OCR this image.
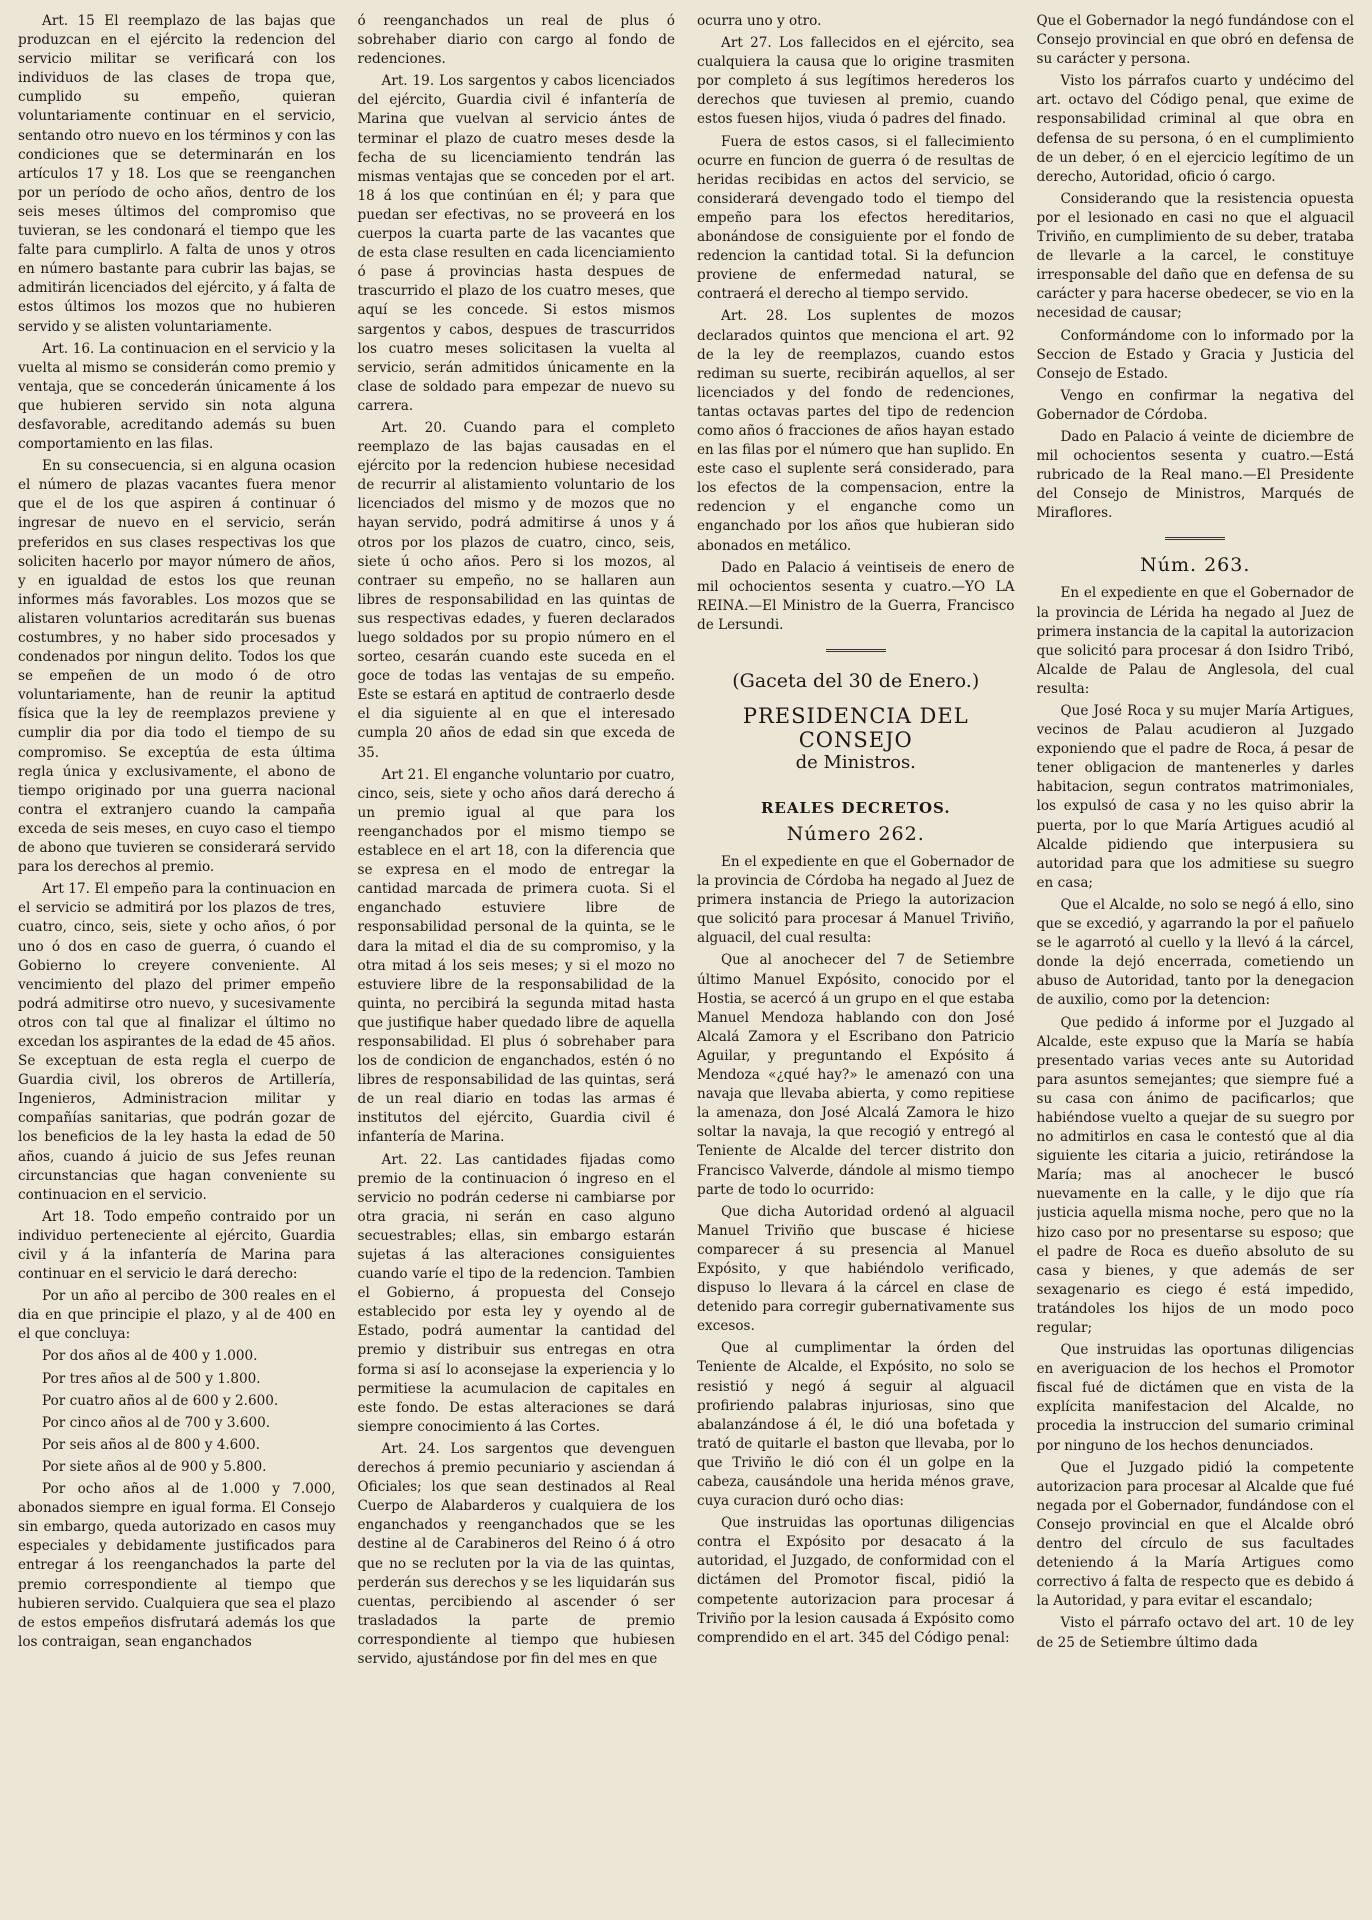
Art. 15 El reemplazo de las bajas que produzcan en el ejército la redencion del servicio militar se verificará con los individuos de las clases de tropa que, cumplido su empeño, quieran voluntariamente continuar en el servicio, sentando otro nuevo en los términos y con las condiciones que se determinarán en los artículos 17 y 18. Los que se reenganchen por un período de ocho años, dentro de los seis meses últimos del compromiso que tuvieran, se les condonará el tiempo que les falte para cumplirlo. A falta de unos y otros en número bastante para cubrir las bajas, se admitirán licenciados del ejército, y á falta de estos últimos los mozos que no hubieren servido y se alisten voluntariamente.

Art. 16. La continuacion en el servicio y la vuelta al mismo se considerán como premio y ventaja, que se concederán únicamente á los que hubieren servido sin nota alguna desfavorable, acreditando además su buen comportamiento en las filas.

En su consecuencia, si en alguna ocasion el número de plazas vacantes fuera menor que el de los que aspiren á continuar ó ingresar de nuevo en el servicio, serán preferidos en sus clases respectivas los que soliciten hacerlo por mayor número de años, y en igualdad de estos los que reunan informes más favorables. Los mozos que se alistaren voluntarios acreditarán sus buenas costumbres, y no haber sido procesados y condenados por ningun delito. Todos los que se empeñen de un modo ó de otro voluntariamente, han de reunir la aptitud física que la ley de reemplazos previene y cumplir dia por dia todo el tiempo de su compromiso. Se exceptúa de esta última regla única y exclusivamente, el abono de tiempo originado por una guerra nacional contra el extranjero cuando la campaña exceda de seis meses, en cuyo caso el tiempo de abono que tuvieren se considerará servido para los derechos al premio.

Art 17. El empeño para la continuacion en el servicio se admitirá por los plazos de tres, cuatro, cinco, seis, siete y ocho años, ó por uno ó dos en caso de guerra, ó cuando el Gobierno lo creyere conveniente. Al vencimiento del plazo del primer empeño podrá admitirse otro nuevo, y sucesivamente otros con tal que al finalizar el último no excedan los aspirantes de la edad de 45 años. Se exceptuan de esta regla el cuerpo de Guardia civil, los obreros de Artillería, Ingenieros, Administracion militar y compañías sanitarias, que podrán gozar de los beneficios de la ley hasta la edad de 50 años, cuando á juicio de sus Jefes reunan circunstancias que hagan conveniente su continuacion en el servicio.

Art 18. Todo empeño contraido por un individuo perteneciente al ejército, Guardia civil y á la infantería de Marina para continuar en el servicio le dará derecho:

Por un año al percibo de 300 reales en el dia en que principie el plazo, y al de 400 en el que concluya:

Por dos años al de 400 y 1.000.

Por tres años al de 500 y 1.800.

Por cuatro años al de 600 y 2.600.

Por cinco años al de 700 y 3.600.

Por seis años al de 800 y 4.600.

Por siete años al de 900 y 5.800.

Por ocho años al de 1.000 y 7.000, abonados siempre en igual forma. El Consejo sin embargo, queda autorizado en casos muy especiales y debidamente justificados para entregar á los reenganchados la parte del premio correspondiente al tiempo que hubieren servido. Cualquiera que sea el plazo de estos empeños disfrutará además los que los contraigan, sean enganchados

ó reenganchados un real de plus ó sobrehaber diario con cargo al fondo de redenciones.

Art. 19. Los sargentos y cabos licenciados del ejército, Guardia civil é infantería de Marina que vuelvan al servicio ántes de terminar el plazo de cuatro meses desde la fecha de su licenciamiento tendrán las mismas ventajas que se conceden por el art. 18 á los que continúan en él; y para que puedan ser efectivas, no se proveerá en los cuerpos la cuarta parte de las vacantes que de esta clase resulten en cada licenciamiento ó pase á provincias hasta despues de trascurrido el plazo de los cuatro meses, que aquí se les concede. Si estos mismos sargentos y cabos, despues de trascurridos los cuatro meses solicitasen la vuelta al servicio, serán admitidos únicamente en la clase de soldado para empezar de nuevo su carrera.

Art. 20. Cuando para el completo reemplazo de las bajas causadas en el ejército por la redencion hubiese necesidad de recurrir al alistamiento voluntario de los licenciados del mismo y de mozos que no hayan servido, podrá admitirse á unos y á otros por los plazos de cuatro, cinco, seis, siete ú ocho años. Pero si los mozos, al contraer su empeño, no se hallaren aun libres de responsabilidad en las quintas de sus respectivas edades, y fueren declarados luego soldados por su propio número en el sorteo, cesarán cuando este suceda en el goce de todas las ventajas de su empeño. Este se estará en aptitud de contraerlo desde el dia siguiente al en que el interesado cumpla 20 años de edad sin que exceda de 35.

Art 21. El enganche voluntario por cuatro, cinco, seis, siete y ocho años dará derecho á un premio igual al que para los reenganchados por el mismo tiempo se establece en el art 18, con la diferencia que se expresa en el modo de entregar la cantidad marcada de primera cuota. Si el enganchado estuviere libre de responsabilidad personal de la quinta, se le dara la mitad el dia de su compromiso, y la otra mitad á los seis meses; y si el mozo no estuviere libre de la responsabilidad de la quinta, no percibirá la segunda mitad hasta que justifique haber quedado libre de aquella responsabilidad. El plus ó sobrehaber para los de condicion de enganchados, estén ó no libres de responsabilidad de las quintas, será de un real diario en todas las armas é institutos del ejército, Guardia civil é infantería de Marina.

Art. 22. Las cantidades fijadas como premio de la continuacion ó ingreso en el servicio no podrán cederse ni cambiarse por otra gracia, ni serán en caso alguno secuestrables; ellas, sin embargo estarán sujetas á las alteraciones consiguientes cuando varíe el tipo de la redencion. Tambien el Gobierno, á propuesta del Consejo establecido por esta ley y oyendo al de Estado, podrá aumentar la cantidad del premio y distribuir sus entregas en otra forma si así lo aconsejase la experiencia y lo permitiese la acumulacion de capitales en este fondo. De estas alteraciones se dará siempre conocimiento á las Cortes.

Art. 24. Los sargentos que devenguen derechos á premio pecuniario y asciendan á Oficiales; los que sean destinados al Real Cuerpo de Alabarderos y cualquiera de los enganchados y reenganchados que se les destine al de Carabineros del Reino ó á otro que no se recluten por la via de las quintas, perderán sus derechos y se les liquidarán sus cuentas, percibiendo al ascender ó ser trasladados la parte de premio correspondiente al tiempo que hubiesen servido, ajustándose por fin del mes en que

ocurra uno y otro.

Art 27. Los fallecidos en el ejército, sea cualquiera la causa que lo origine trasmiten por completo á sus legítimos herederos los derechos que tuviesen al premio, cuando estos fuesen hijos, viuda ó padres del finado.

Fuera de estos casos, si el fallecimiento ocurre en funcion de guerra ó de resultas de heridas recibidas en actos del servicio, se considerará devengado todo el tiempo del empeño para los efectos hereditarios, abonándose de consiguiente por el fondo de redencion la cantidad total. Si la defuncion proviene de enfermedad natural, se contraerá el derecho al tiempo servido.

Art. 28. Los suplentes de mozos declarados quintos que menciona el art. 92 de la ley de reemplazos, cuando estos rediman su suerte, recibirán aquellos, al ser licenciados y del fondo de redenciones, tantas octavas partes del tipo de redencion como años ó fracciones de años hayan estado en las filas por el número que han suplido. En este caso el suplente será considerado, para los efectos de la compensacion, entre la redencion y el enganche como un enganchado por los años que hubieran sido abonados en metálico.

Dado en Palacio á veintiseis de enero de mil ochocientos sesenta y cuatro.—YO LA REINA.—El Ministro de la Guerra, Francisco de Lersundi.

(Gaceta del 30 de Enero.)
PRESIDENCIA DEL CONSEJO
de Ministros.
REALES DECRETOS.
Número 262.

En el expediente en que el Gobernador de la provincia de Córdoba ha negado al Juez de primera instancia de Priego la autorizacion que solicitó para procesar á Manuel Triviño, alguacil, del cual resulta:

Que al anochecer del 7 de Setiembre último Manuel Expósito, conocido por el Hostia, se acercó á un grupo en el que estaba Manuel Mendoza hablando con don José Alcalá Zamora y el Escribano don Patricio Aguilar, y preguntando el Expósito á Mendoza «¿qué hay?» le amenazó con una navaja que llevaba abierta, y como repitiese la amenaza, don José Alcalá Zamora le hizo soltar la navaja, la que recogió y entregó al Teniente de Alcalde del tercer distrito don Francisco Valverde, dándole al mismo tiempo parte de todo lo ocurrido:

Que dicha Autoridad ordenó al alguacil Manuel Triviño que buscase é hiciese comparecer á su presencia al Manuel Expósito, y que habiéndolo verificado, dispuso lo llevara á la cárcel en clase de detenido para corregir gubernativamente sus excesos.

Que al cumplimentar la órden del Teniente de Alcalde, el Expósito, no solo se resistió y negó á seguir al alguacil profiriendo palabras injuriosas, sino que abalanzándose á él, le dió una bofetada y trató de quitarle el baston que llevaba, por lo que Triviño le dió con él un golpe en la cabeza, causándole una herida ménos grave, cuya curacion duró ocho dias:

Que instruidas las oportunas diligencias contra el Expósito por desacato á la autoridad, el Juzgado, de conformidad con el dictámen del Promotor fiscal, pidió la competente autorizacion para procesar á Triviño por la lesion causada á Expósito como comprendido en el art. 345 del Código penal:

Que el Gobernador la negó fundándose con el Consejo provincial en que obró en defensa de su carácter y persona.

Visto los párrafos cuarto y undécimo del art. octavo del Código penal, que exime de responsabilidad criminal al que obra en defensa de su persona, ó en el cumplimiento de un deber, ó en el ejercicio legítimo de un derecho, Autoridad, oficio ó cargo.

Considerando que la resistencia opuesta por el lesionado en casi no que el alguacil Triviño, en cumplimiento de su deber, trataba de llevarle a la carcel, le constituye irresponsable del daño que en defensa de su carácter y para hacerse obedecer, se vio en la necesidad de causar;

Conformándome con lo informado por la Seccion de Estado y Gracia y Justicia del Consejo de Estado.

Vengo en confirmar la negativa del Gobernador de Córdoba.

Dado en Palacio á veinte de diciembre de mil ochocientos sesenta y cuatro.—Está rubricado de la Real mano.—El Presidente del Consejo de Ministros, Marqués de Miraflores.

Núm. 263.

En el expediente en que el Gobernador de la provincia de Lérida ha negado al Juez de primera instancia de la capital la autorizacion que solicitó para procesar á don Isidro Tribó, Alcalde de Palau de Anglesola, del cual resulta:

Que José Roca y su mujer María Artigues, vecinos de Palau acudieron al Juzgado exponiendo que el padre de Roca, á pesar de tener obligacion de mantenerles y darles habitacion, segun contratos matrimoniales, los expulsó de casa y no les quiso abrir la puerta, por lo que María Artigues acudió al Alcalde pidiendo que interpusiera su autoridad para que los admitiese su suegro en casa;

Que el Alcalde, no solo se negó á ello, sino que se excedió, y agarrando la por el pañuelo se le agarrotó al cuello y la llevó á la cárcel, donde la dejó encerrada, cometiendo un abuso de Autoridad, tanto por la denegacion de auxilio, como por la detencion:

Que pedido á informe por el Juzgado al Alcalde, este expuso que la María se había presentado varias veces ante su Autoridad para asuntos semejantes; que siempre fué a su casa con ánimo de pacificarlos; que habiéndose vuelto a quejar de su suegro por no admitirlos en casa le contestó que al dia siguiente les citaria a juicio, retirándose la María; mas al anochecer le buscó nuevamente en la calle, y le dijo que ría justicia aquella misma noche, pero que no la hizo caso por no presentarse su esposo; que el padre de Roca es dueño absoluto de su casa y bienes, y que además de ser sexagenario es ciego é está impedido, tratándoles los hijos de un modo poco regular;

Que instruidas las oportunas diligencias en averiguacion de los hechos el Promotor fiscal fué de dictámen que en vista de la explícita manifestacion del Alcalde, no procedia la instruccion del sumario criminal por ninguno de los hechos denunciados.

Que el Juzgado pidió la competente autorizacion para procesar al Alcalde que fué negada por el Gobernador, fundándose con el Consejo provincial en que el Alcalde obró dentro del círculo de sus facultades deteniendo á la María Artigues como correctivo á falta de respecto que es debido á la Autoridad, y para evitar el escandalo;

Visto el párrafo octavo del art. 10 de ley de 25 de Setiembre último dada
